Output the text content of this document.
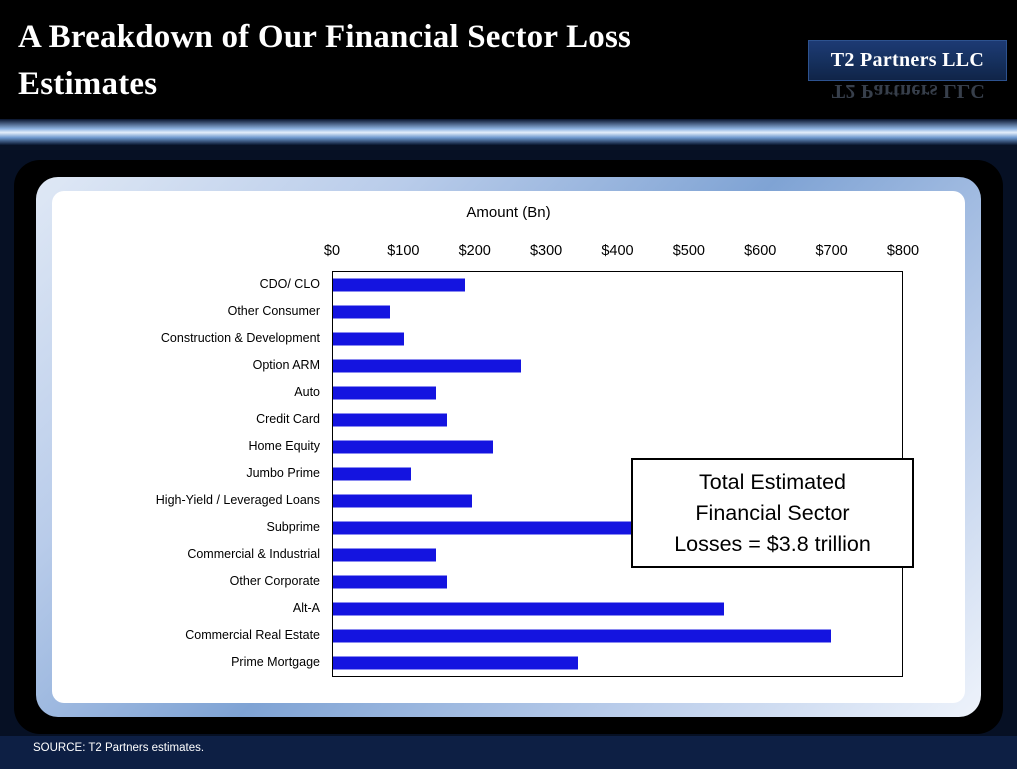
A Breakdown of Our Financial Sector Loss Estimates
T2 Partners LLC
T2 Partners LLC
Amount (Bn)
$0	$100	$200	$300	$400	$500	$600	$700	$800
CDO/ CLO
Other Consumer
Construction & Development
Option ARM
Auto
Credit Card
Home Equity
Jumbo Prime
High-Yield / Leveraged Loans
Subprime
Commercial & Industrial
Other Corporate
Alt-A
Commercial Real Estate
Prime Mortgage
Total Estimated
Financial Sector
Losses = $3.8 trillion
SOURCE: T2 Partners estimates.
